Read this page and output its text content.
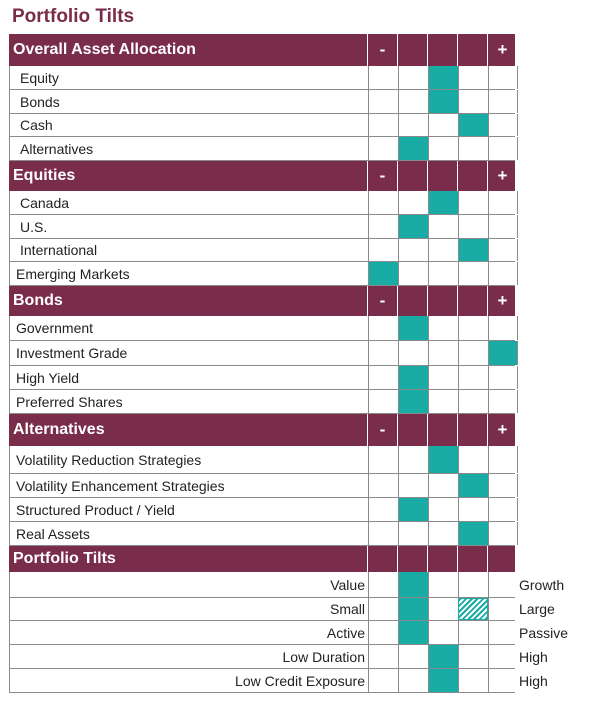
Portfolio Tilts
Overall Asset Allocation	-	+
Equity
Bonds
Cash
Alternatives
Equities	-	+
Canada
U.S.
International
Emerging Markets
Bonds	-	+
Government
Investment Grade
High Yield
Preferred Shares
Alternatives	-	+
Volatility Reduction Strategies
Volatility Enhancement Strategies
Structured Product / Yield
Real Assets
Portfolio Tilts
Value	Growth
Small	Large
Active	Passive
Low Duration	High
Low Credit Exposure	High
